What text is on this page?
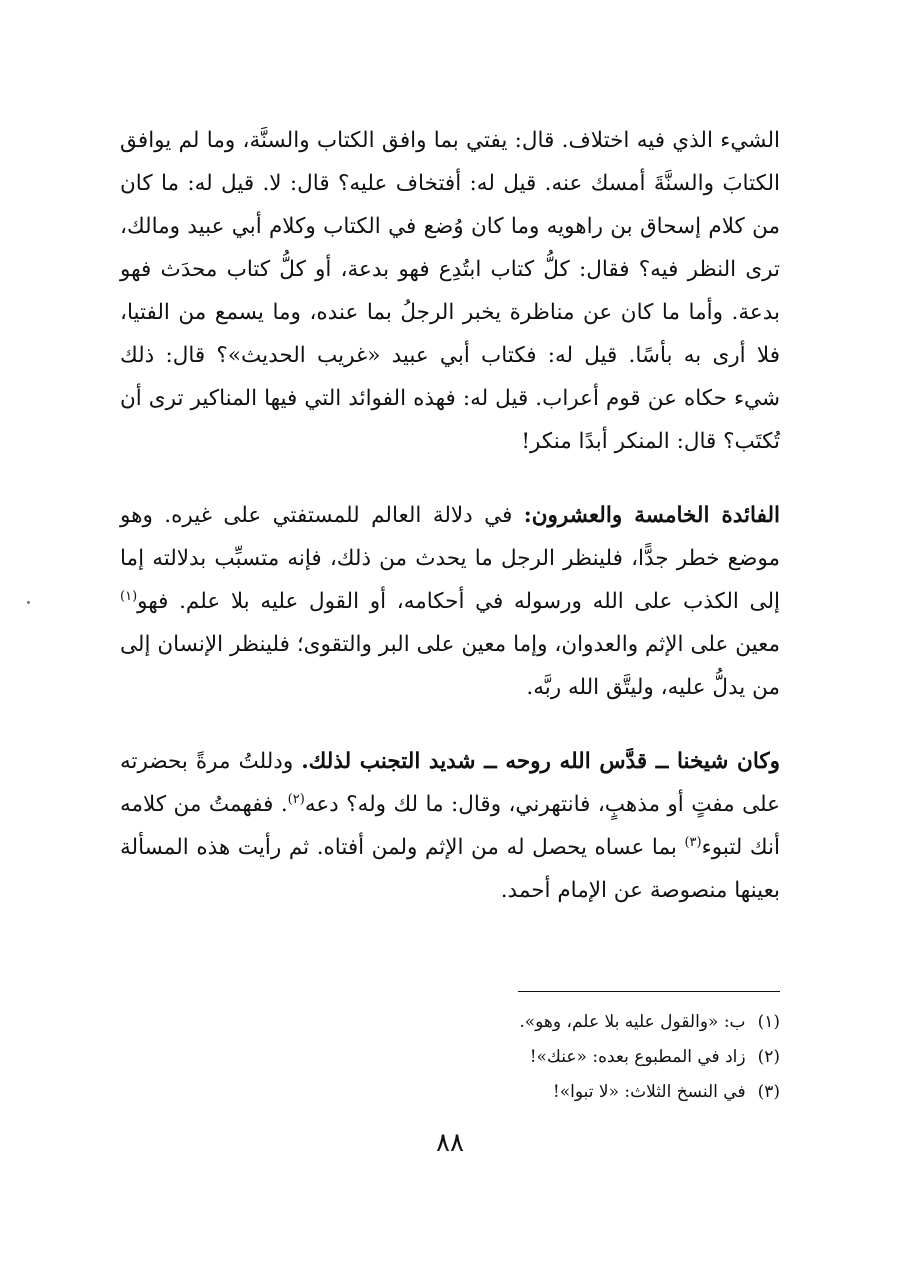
الشيء الذي فيه اختلاف. قال: يفتي بما وافق الكتاب والسنَّة، وما لم يوافق الكتابَ والسنَّةَ أمسك عنه. قيل له: أفتخاف عليه؟ قال: لا. قيل له: ما كان من كلام إسحاق بن راهويه وما كان وُضع في الكتاب وكلام أبي عبيد ومالك، ترى النظر فيه؟ فقال: كلُّ كتاب ابتُدِع فهو بدعة، أو كلُّ كتاب محدَث فهو بدعة. وأما ما كان عن مناظرة يخبر الرجلُ بما عنده، وما يسمع من الفتيا، فلا أرى به بأسًا. قيل له: فكتاب أبي عبيد «غريب الحديث»؟ قال: ذلك شيء حكاه عن قوم أعراب. قيل له: فهذه الفوائد التي فيها المناكير ترى أن تُكتَب؟ قال: المنكر أبدًا منكر!

الفائدة الخامسة والعشرون: في دلالة العالم للمستفتي على غيره. وهو موضع خطر جدًّا، فلينظر الرجل ما يحدث من ذلك، فإنه متسبِّب بدلالته إما إلى الكذب على الله ورسوله في أحكامه، أو القول عليه بلا علم. فهو$^{(١)}$ معين على الإثم والعدوان، وإما معين على البر والتقوى؛ فلينظر الإنسان إلى من يدلُّ عليه، وليتَّق الله ربَّه.

وكان شيخنا ــ قدَّس الله روحه ــ شديد التجنب لذلك. ودللتُ مرةً بحضرته على مفتٍ أو مذهبٍ، فانتهرني، وقال: ما لك وله؟ دعه$^{(٢)}$. ففهمتُ من كلامه أنك لتبوء$^{(٣)}$ بما عساه يحصل له من الإثم ولمن أفتاه. ثم رأيت هذه المسألة بعينها منصوصة عن الإمام أحمد.

(١)ب: «والقول عليه بلا علم، وهو».
(٢)زاد في المطبوع بعده: «عنك»!
(٣)في النسخ الثلاث: «لا تبوا»!
٨٨
